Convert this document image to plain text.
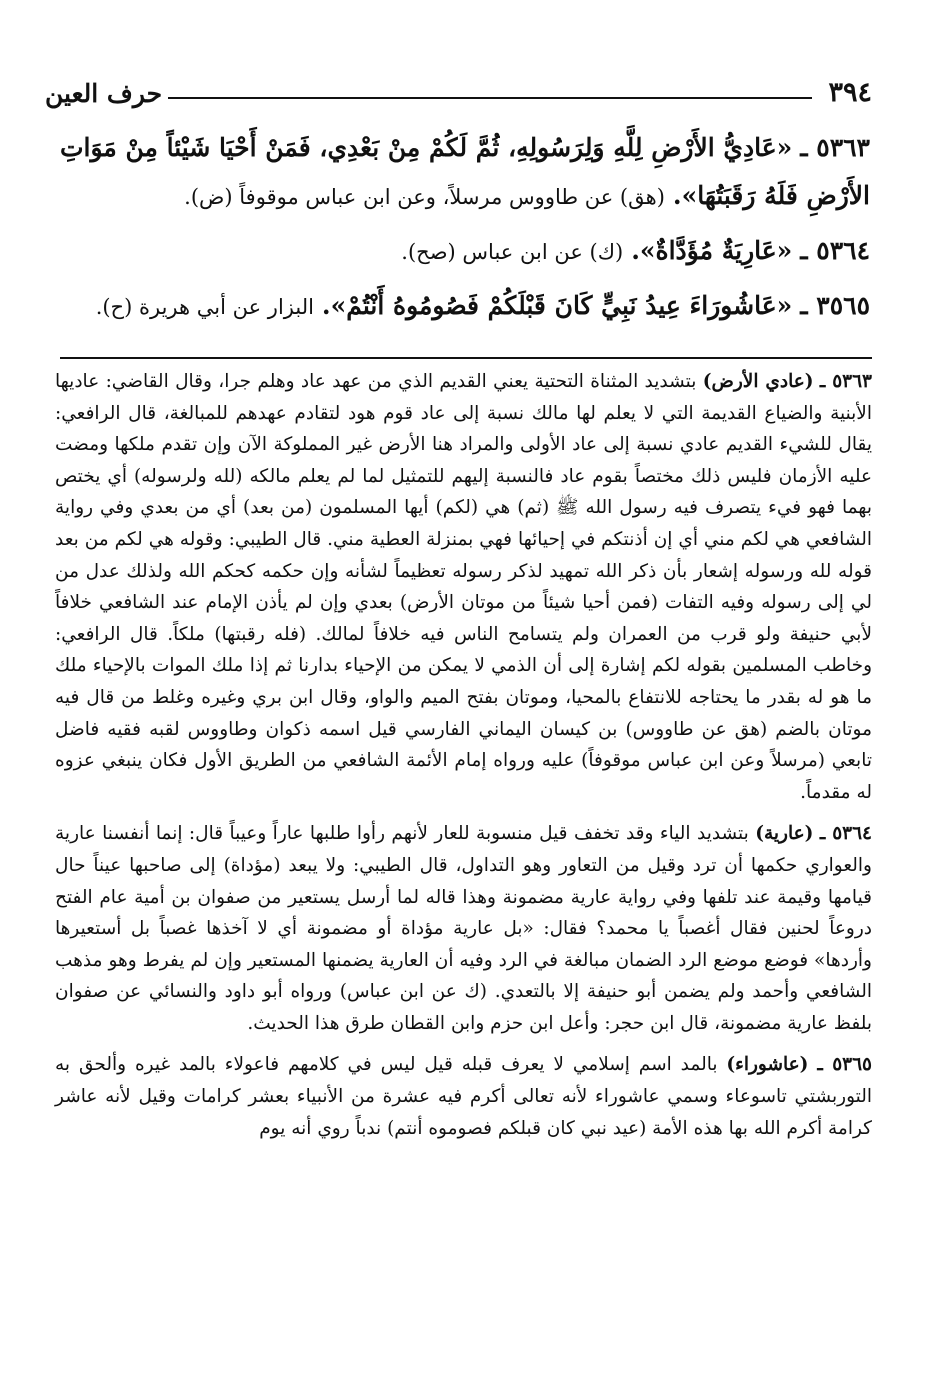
٣٩٤
حرف العين
٥٣٦٣ ـ «عَادِيُّ الأَرْضِ لِلَّهِ وَلِرَسُولِهِ، ثُمَّ لَكُمْ مِنْ بَعْدِي، فَمَنْ أَحْيَا شَيْئاً مِنْ مَوَاتِ الأَرْضِ فَلَهُ رَقَبَتُهَا». (هق) عن طاووس مرسلاً، وعن ابن عباس موقوفاً (ض).
٥٣٦٤ ـ «عَارِيَةٌ مُؤَدَّاةٌ». (ك) عن ابن عباس (صح).
٣٥٦٥ ـ «عَاشُورَاءَ عِيدُ نَبِيٍّ كَانَ قَبْلَكُمْ فَصُومُوهُ أَنْتُمْ». البزار عن أبي هريرة (ح).

٥٣٦٣ ـ (عادي الأرض) بتشديد المثناة التحتية يعني القديم الذي من عهد عاد وهلم جرا، وقال القاضي: عاديها الأبنية والضياع القديمة التي لا يعلم لها مالك نسبة إلى عاد قوم هود لتقادم عهدهم للمبالغة، قال الرافعي: يقال للشيء القديم عادي نسبة إلى عاد الأولى والمراد هنا الأرض غير المملوكة الآن وإن تقدم ملكها ومضت عليه الأزمان فليس ذلك مختصاً بقوم عاد فالنسبة إليهم للتمثيل لما لم يعلم مالكه (لله ولرسوله) أي يختص بهما فهو فيء يتصرف فيه رسول الله ﷺ (ثم) هي (لكم) أيها المسلمون (من بعد) أي من بعدي وفي رواية الشافعي هي لكم مني أي إن أذنتكم في إحيائها فهي بمنزلة العطية مني. قال الطيبي: وقوله هي لكم من بعد قوله لله ورسوله إشعار بأن ذكر الله تمهيد لذكر رسوله تعظيماً لشأنه وإن حكمه كحكم الله ولذلك عدل من لي إلى رسوله وفيه التفات (فمن أحيا شيئاً من موتان الأرض) بعدي وإن لم يأذن الإمام عند الشافعي خلافاً لأبي حنيفة ولو قرب من العمران ولم يتسامح الناس فيه خلافاً لمالك. (فله رقبتها) ملكاً. قال الرافعي: وخاطب المسلمين بقوله لكم إشارة إلى أن الذمي لا يمكن من الإحياء بدارنا ثم إذا ملك الموات بالإحياء ملك ما هو له بقدر ما يحتاجه للانتفاع بالمحيا، وموتان بفتح الميم والواو، وقال ابن بري وغيره وغلط من قال فيه موتان بالضم (هق عن طاووس) بن كيسان اليماني الفارسي قيل اسمه ذكوان وطاووس لقبه فقيه فاضل تابعي (مرسلاً وعن ابن عباس موقوفاً) عليه ورواه إمام الأئمة الشافعي من الطريق الأول فكان ينبغي عزوه له مقدماً.

٥٣٦٤ ـ (عارية) بتشديد الياء وقد تخفف قيل منسوبة للعار لأنهم رأوا طلبها عاراً وعيباً قال: إنما أنفسنا عارية والعواري حكمها أن ترد وقيل من التعاور وهو التداول، قال الطيبي: ولا يبعد (مؤداة) إلى صاحبها عيناً حال قيامها وقيمة عند تلفها وفي رواية عارية مضمونة وهذا قاله لما أرسل يستعير من صفوان بن أمية عام الفتح دروعاً لحنين فقال أغصباً يا محمد؟ فقال: «بل عارية مؤداة أو مضمونة أي لا آخذها غصباً بل أستعيرها وأردها» فوضع موضع الرد الضمان مبالغة في الرد وفيه أن العارية يضمنها المستعير وإن لم يفرط وهو مذهب الشافعي وأحمد ولم يضمن أبو حنيفة إلا بالتعدي. (ك عن ابن عباس) ورواه أبو داود والنسائي عن صفوان بلفظ عارية مضمونة، قال ابن حجر: وأعل ابن حزم وابن القطان طرق هذا الحديث.

٥٣٦٥ ـ (عاشوراء) بالمد اسم إسلامي لا يعرف قبله قيل ليس في كلامهم فاعولاء بالمد غيره وألحق به التوربشتي تاسوعاء وسمي عاشوراء لأنه تعالى أكرم فيه عشرة من الأنبياء بعشر كرامات وقيل لأنه عاشر كرامة أكرم الله بها هذه الأمة (عيد نبي كان قبلكم فصوموه أنتم) ندباً روي أنه يوم
